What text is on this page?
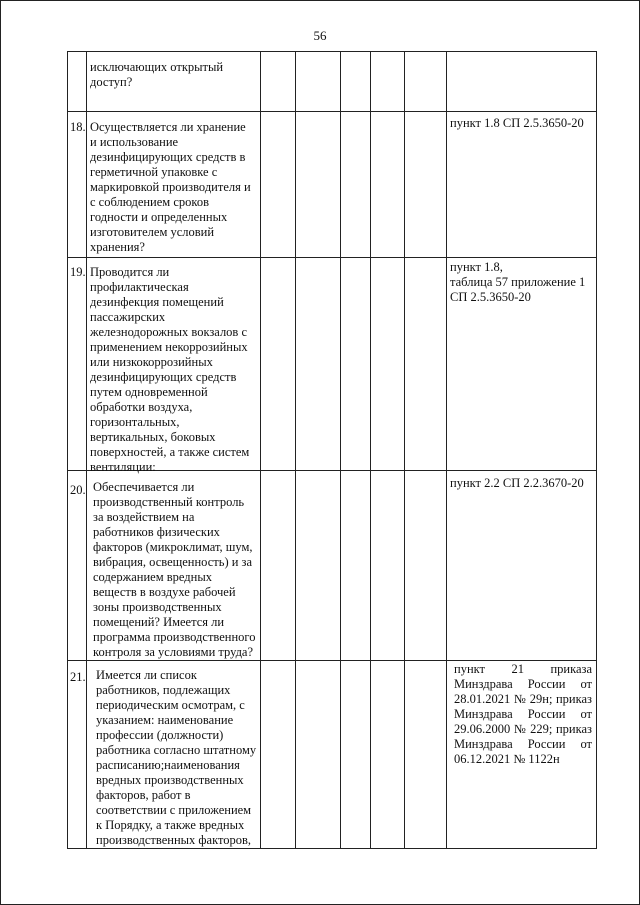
56
исключающих открытый
доступ?
18. Осуществляется ли хранение
и использование
дезинфицирующих средств в
герметичной упаковке с
маркировкой производителя и
с соблюдением сроков
годности и определенных
изготовителем условий
хранения?
пункт 1.8 СП 2.5.3650-20
19. Проводится ли
профилактическая
дезинфекция помещений
пассажирских
железнодорожных вокзалов с
применением некоррозийных
или низкокоррозийных
дезинфицирующих средств
путем одновременной
обработки воздуха,
горизонтальных,
вертикальных, боковых
поверхностей, а также систем
вентиляции:
пункт 1.8,
таблица 57 приложение 1
СП 2.5.3650-20
20. Обеспечивается ли
производственный контроль
за воздействием на
работников физических
факторов (микроклимат, шум,
вибрация, освещенность) и за
содержанием вредных
веществ в воздухе рабочей
зоны производственных
помещений? Имеется ли
программа производственного
контроля за условиями труда?
пункт 2.2 СП 2.2.3670-20
21. Имеется ли список
работников, подлежащих
периодическим осмотрам, с
указанием: наименование
профессии (должности)
работника согласно штатному
расписанию;наименования
вредных производственных
факторов, работ в
соответствии с приложением
к Порядку, а также вредных
производственных факторов,
пункт 21 приказа Минздрава России от 28.01.2021 № 29н; приказ Минздрава России от 29.06.2000 № 229; приказ Минздрава России от 06.12.2021 № 1122н
